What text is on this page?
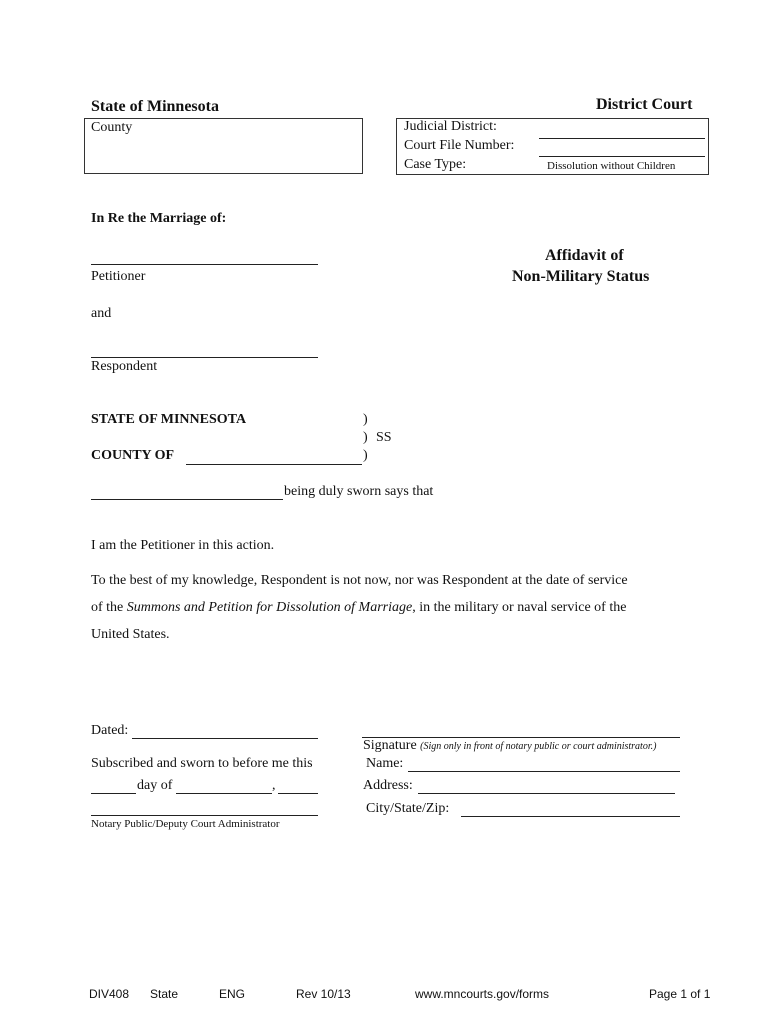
State of Minnesota	District Court
County	Judicial District:
Court File Number:
Case Type:	Dissolution without Children
In Re the Marriage of:
Petitioner
and
Respondent
Affidavit of
Non-Military Status
STATE OF MINNESOTA	)
) SS
COUNTY OF	)
being duly sworn says that
I am the Petitioner in this action.
To the best of my knowledge, Respondent is not now, nor was Respondent at the date of service
of the Summons and Petition for Dissolution of Marriage, in the military or naval service of the
United States.
Dated:
Subscribed and sworn to before me this
day of	,
Notary Public/Deputy Court Administrator
Signature (Sign only in front of notary public or court administrator.)
Name:
Address:
City/State/Zip:
DIV408 State	ENG	Rev 10/13	www.mncourts.gov/forms	Page 1 of 1
